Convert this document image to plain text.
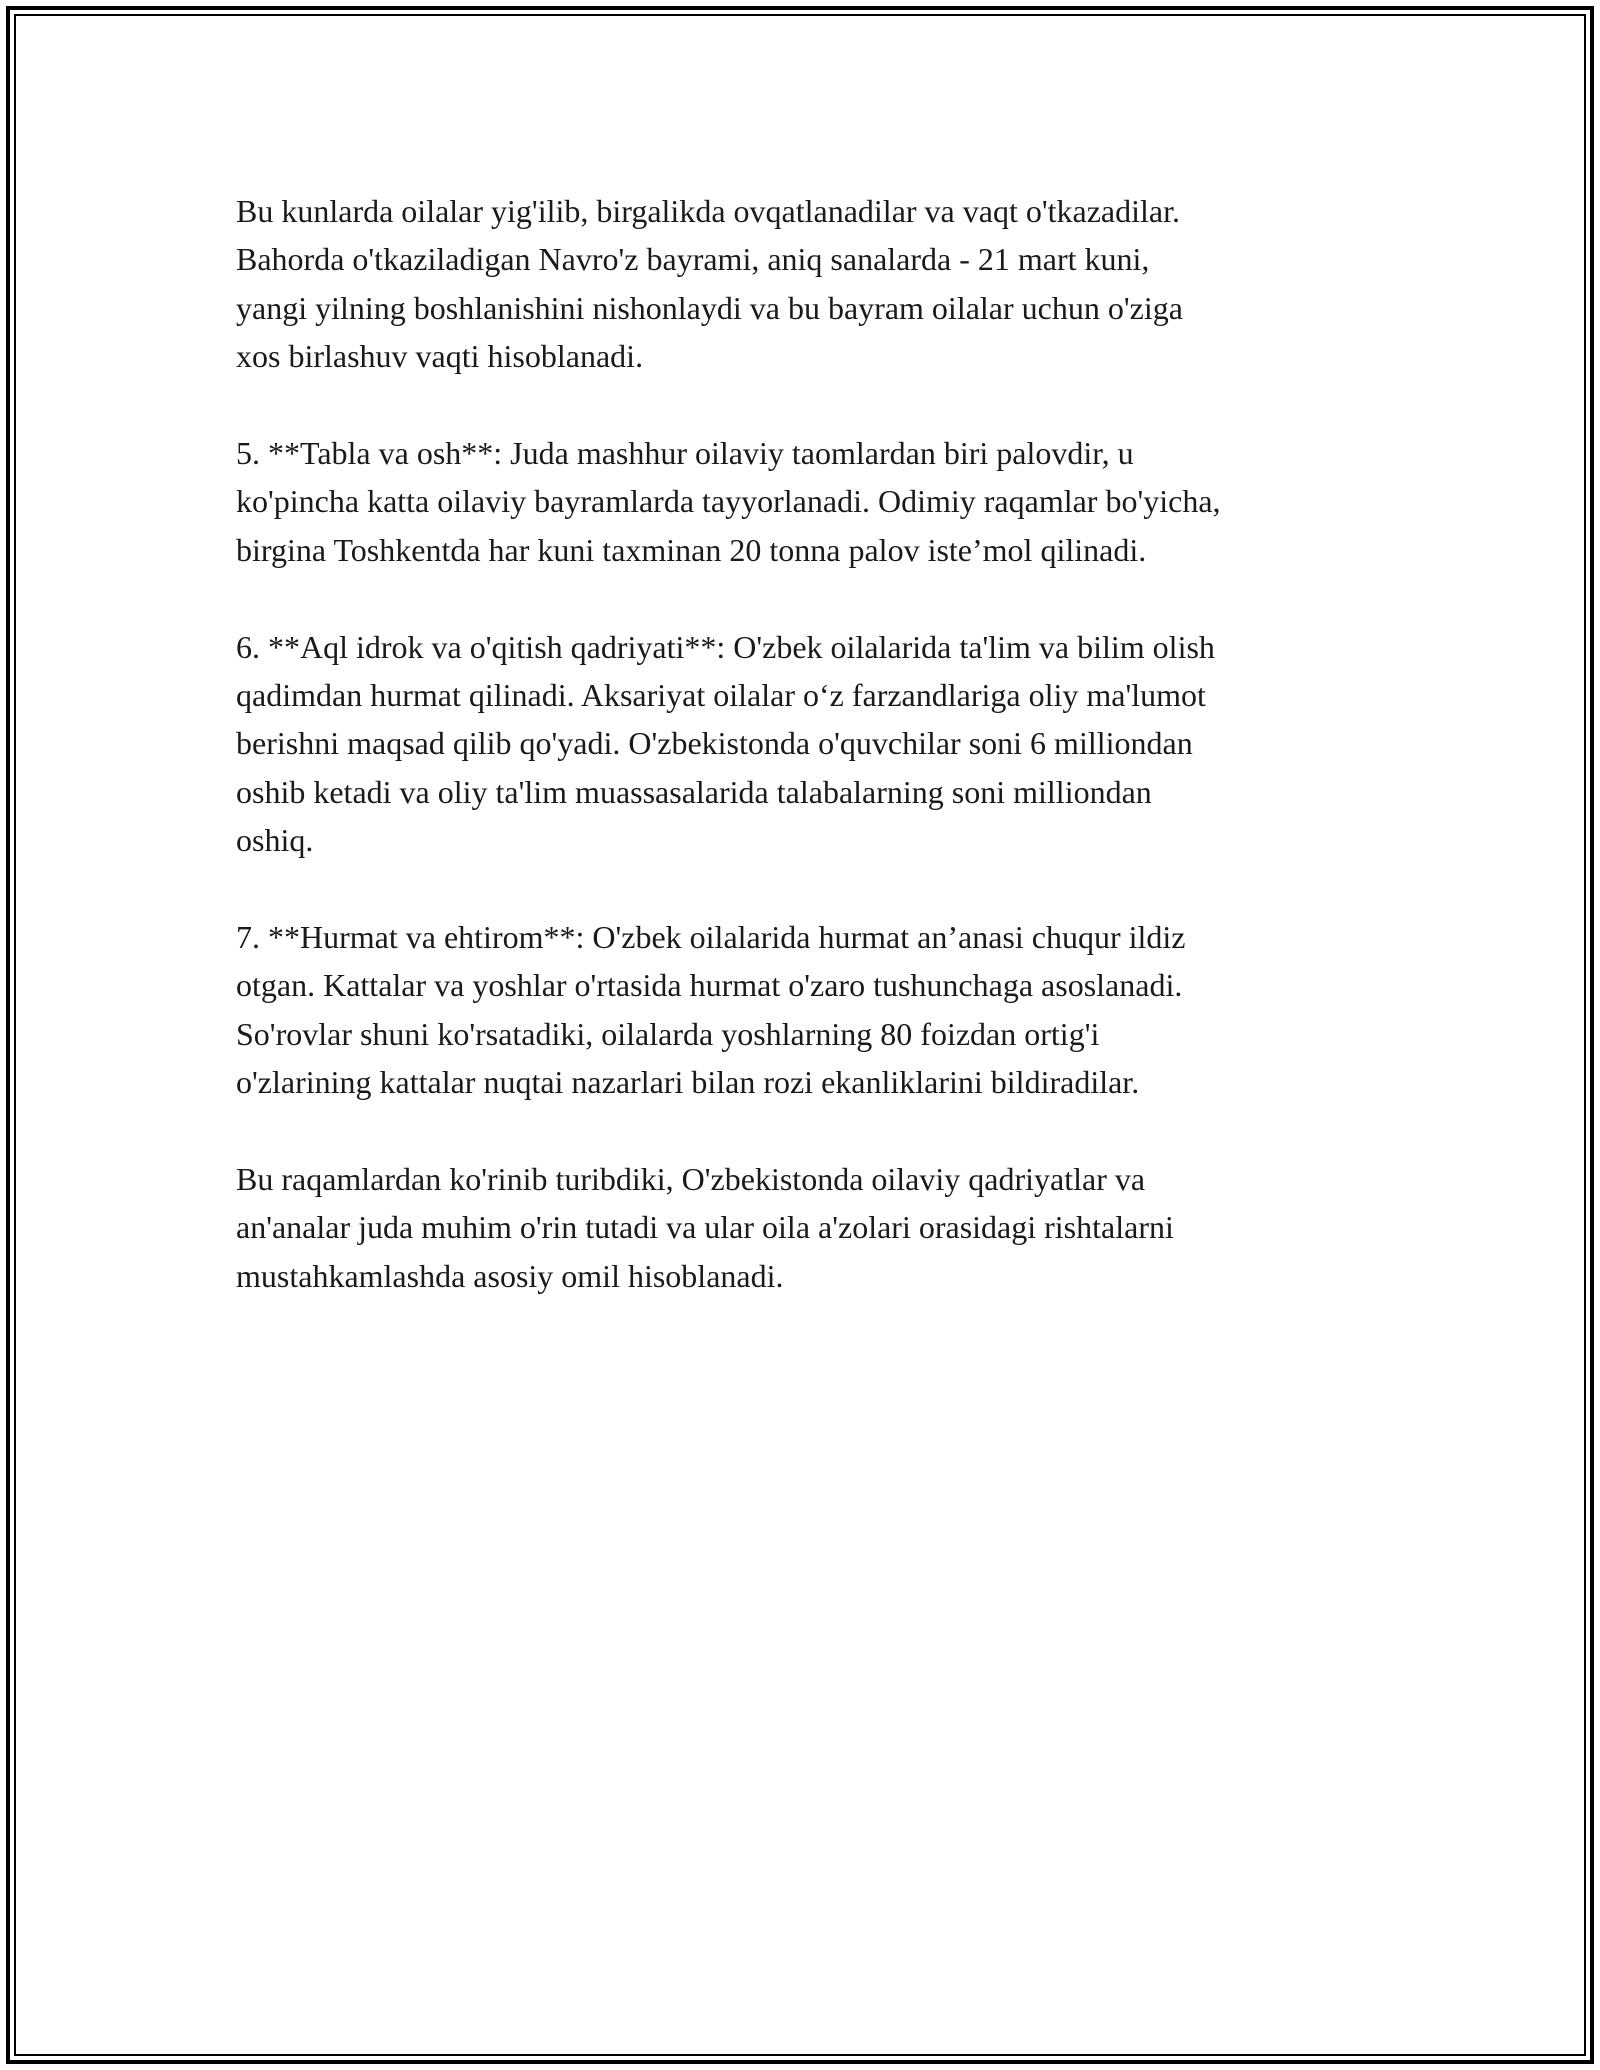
Bu kunlarda oilalar yig'ilib, birgalikda ovqatlanadilar va vaqt o'tkazadilar.
Bahorda o'tkaziladigan Navro'z bayrami, aniq sanalarda - 21 mart kuni,
yangi yilning boshlanishini nishonlaydi va bu bayram oilalar uchun o'ziga
xos birlashuv vaqti hisoblanadi.

5. **Tabla va osh**: Juda mashhur oilaviy taomlardan biri palovdir, u
ko'pincha katta oilaviy bayramlarda tayyorlanadi. Odimiy raqamlar bo'yicha,
birgina Toshkentda har kuni taxminan 20 tonna palov iste’mol qilinadi.

6. **Aql idrok va o'qitish qadriyati**: O'zbek oilalarida ta'lim va bilim olish
qadimdan hurmat qilinadi. Aksariyat oilalar o‘z farzandlariga oliy ma'lumot
berishni maqsad qilib qo'yadi. O'zbekistonda o'quvchilar soni 6 milliondan
oshib ketadi va oliy ta'lim muassasalarida talabalarning soni milliondan
oshiq.

7. **Hurmat va ehtirom**: O'zbek oilalarida hurmat an’anasi chuqur ildiz
otgan. Kattalar va yoshlar o'rtasida hurmat o'zaro tushunchaga asoslanadi.
So'rovlar shuni ko'rsatadiki, oilalarda yoshlarning 80 foizdan ortig'i
o'zlarining kattalar nuqtai nazarlari bilan rozi ekanliklarini bildiradilar.

Bu raqamlardan ko'rinib turibdiki, O'zbekistonda oilaviy qadriyatlar va
an'analar juda muhim o'rin tutadi va ular oila a'zolari orasidagi rishtalarni
mustahkamlashda asosiy omil hisoblanadi.
